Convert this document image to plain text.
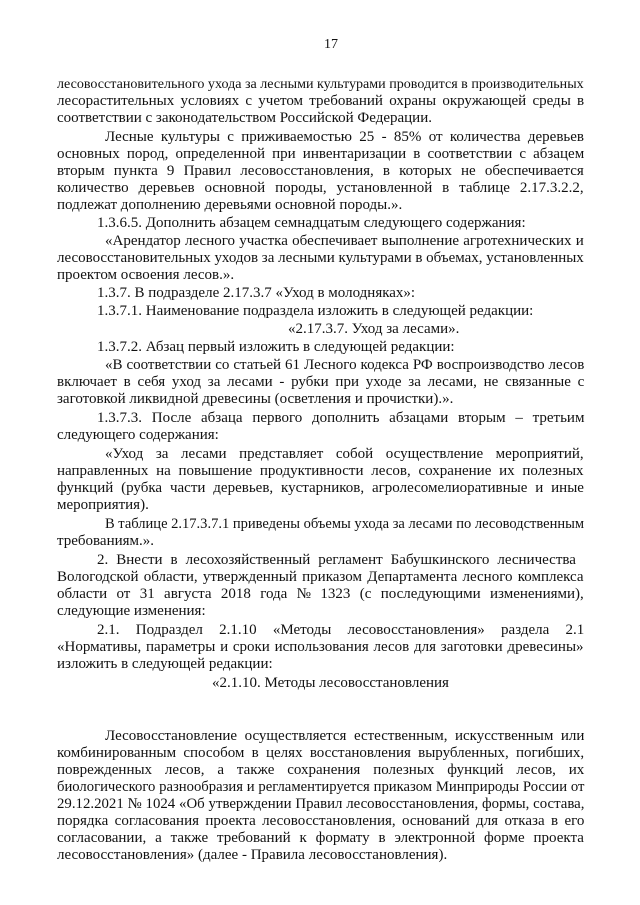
17
лесовосстановительного ухода за лесными культурами проводится в производительных
лесорастительных условиях с учетом требований охраны окружающей среды в
соответствии с законодательством Российской Федерации.
Лесные культуры с приживаемостью 25 - 85% от количества деревьев
основных пород, определенной при инвентаризации в соответствии с абзацем
вторым пункта 9 Правил лесовосстановления, в которых не обеспечивается
количество деревьев основной породы, установленной в таблице 2.17.3.2.2,
подлежат дополнению деревьями основной породы.».
1.3.6.5. Дополнить абзацем семнадцатым следующего содержания:
«Арендатор лесного участка обеспечивает выполнение агротехнических и
лесовосстановительных уходов за лесными культурами в объемах, установленных
проектом освоения лесов.».
1.3.7. В подразделе 2.17.3.7 «Уход в молодняках»:
1.3.7.1. Наименование подраздела изложить в следующей редакции:
«2.17.3.7. Уход за лесами».
1.3.7.2. Абзац первый изложить в следующей редакции:
«В соответствии со статьей 61 Лесного кодекса РФ воспроизводство лесов
включает в себя уход за лесами - рубки при уходе за лесами, не связанные с
заготовкой ликвидной древесины (осветления и прочистки).».
1.3.7.3. После абзаца первого дополнить абзацами вторым – третьим
следующего содержания:
«Уход за лесами представляет собой осуществление мероприятий,
направленных на повышение продуктивности лесов, сохранение их полезных
функций (рубка части деревьев, кустарников, агролесомелиоративные и иные
мероприятия).
В таблице 2.17.3.7.1 приведены объемы ухода за лесами по лесоводственным
требованиям.».
2. Внести в лесохозяйственный регламент Бабушкинского лесничества
Вологодской области, утвержденный приказом Департамента лесного комплекса
области от 31 августа 2018 года № 1323 (с последующими изменениями),
следующие изменения:
2.1. Подраздел 2.1.10 «Методы лесовосстановления» раздела 2.1
«Нормативы, параметры и сроки использования лесов для заготовки древесины»
изложить в следующей редакции:
«2.1.10. Методы лесовосстановления
Лесовосстановление осуществляется естественным, искусственным или
комбинированным способом в целях восстановления вырубленных, погибших,
поврежденных лесов, а также сохранения полезных функций лесов, их
биологического разнообразия и регламентируется приказом Минприроды России от
29.12.2021 № 1024 «Об утверждении Правил лесовосстановления, формы, состава,
порядка согласования проекта лесовосстановления, оснований для отказа в его
согласовании, а также требований к формату в электронной форме проекта
лесовосстановления» (далее - Правила лесовосстановления).
